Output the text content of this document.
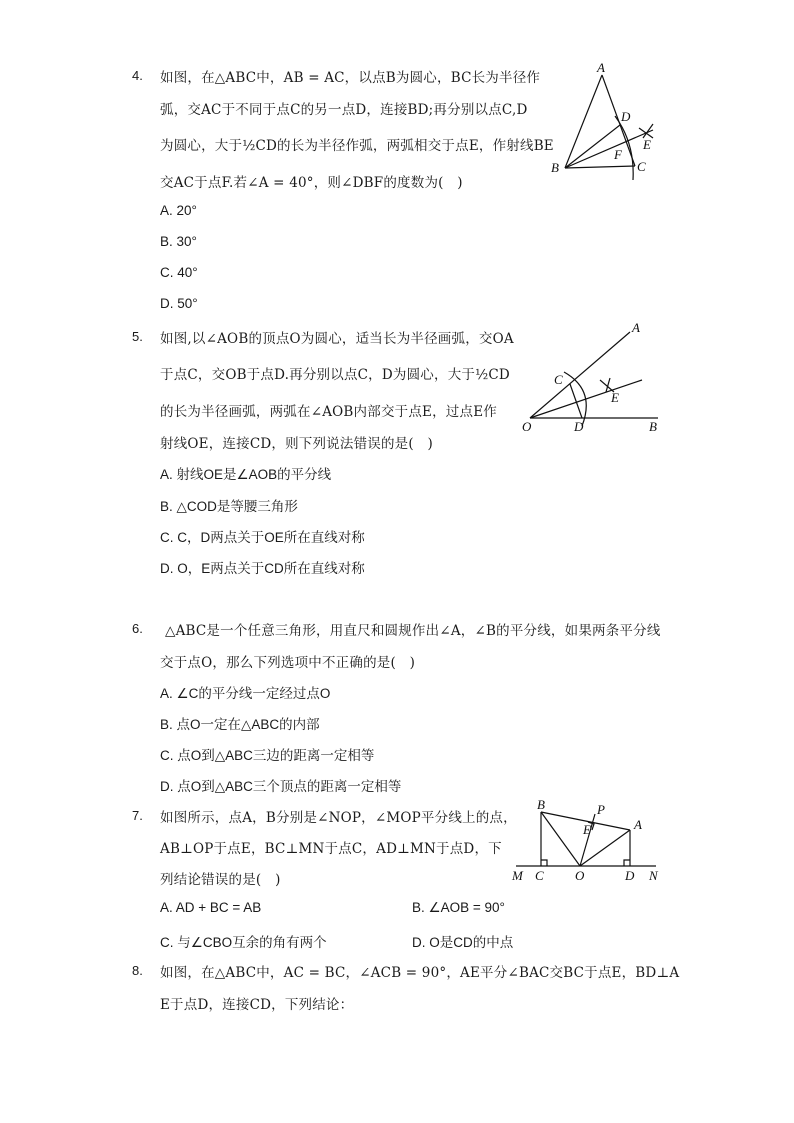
4. 如图，在△ABC中，AB = AC，以点B为圆心，BC长为半径作
弧，交AC于不同于点C的另一点D，连接BD;再分别以点C,D
为圆心，大于½CD的长为半径作弧，两弧相交于点E，作射线BE
交AC于点F.若∠A = 40°，则∠DBF的度数为(　)
A. 20°
B. 30°
C. 40°
D. 50°
A
B	C
D
E
F
5. 如图,以∠AOB的顶点O为圆心，适当长为半径画弧，交OA
于点C，交OB于点D.再分别以点C，D为圆心，大于½CD
的长为半径画弧，两弧在∠AOB内部交于点E，过点E作
射线OE，连接CD，则下列说法错误的是(　)
A. 射线OE是∠AOB的平分线
B. △COD是等腰三角形
C. C，D两点关于OE所在直线对称
D. O，E两点关于CD所在直线对称
A
B
C
D
E
O
6. △ABC是一个任意三角形，用直尺和圆规作出∠A，∠B的平分线，如果两条平分线
交于点O，那么下列选项中不正确的是(　)
A. ∠C的平分线一定经过点O
B. 点O一定在△ABC的内部
C. 点O到△ABC三边的距离一定相等
D. 点O到△ABC三个顶点的距离一定相等
7. 如图所示，点A，B分别是∠NOP，∠MOP平分线上的点，
AB⊥OP于点E，BC⊥MN于点C，AD⊥MN于点D，下
列结论错误的是(　)
A. AD + BC = AB	B. ∠AOB = 90°
C. 与∠CBO互余的角有两个	D. O是CD的中点
A
B
C	D
E
M	N
O
P
8. 如图，在△ABC中，AC = BC，∠ACB = 90°，AE平分∠BAC交BC于点E，BD⊥A
E于点D，连接CD，下列结论：
